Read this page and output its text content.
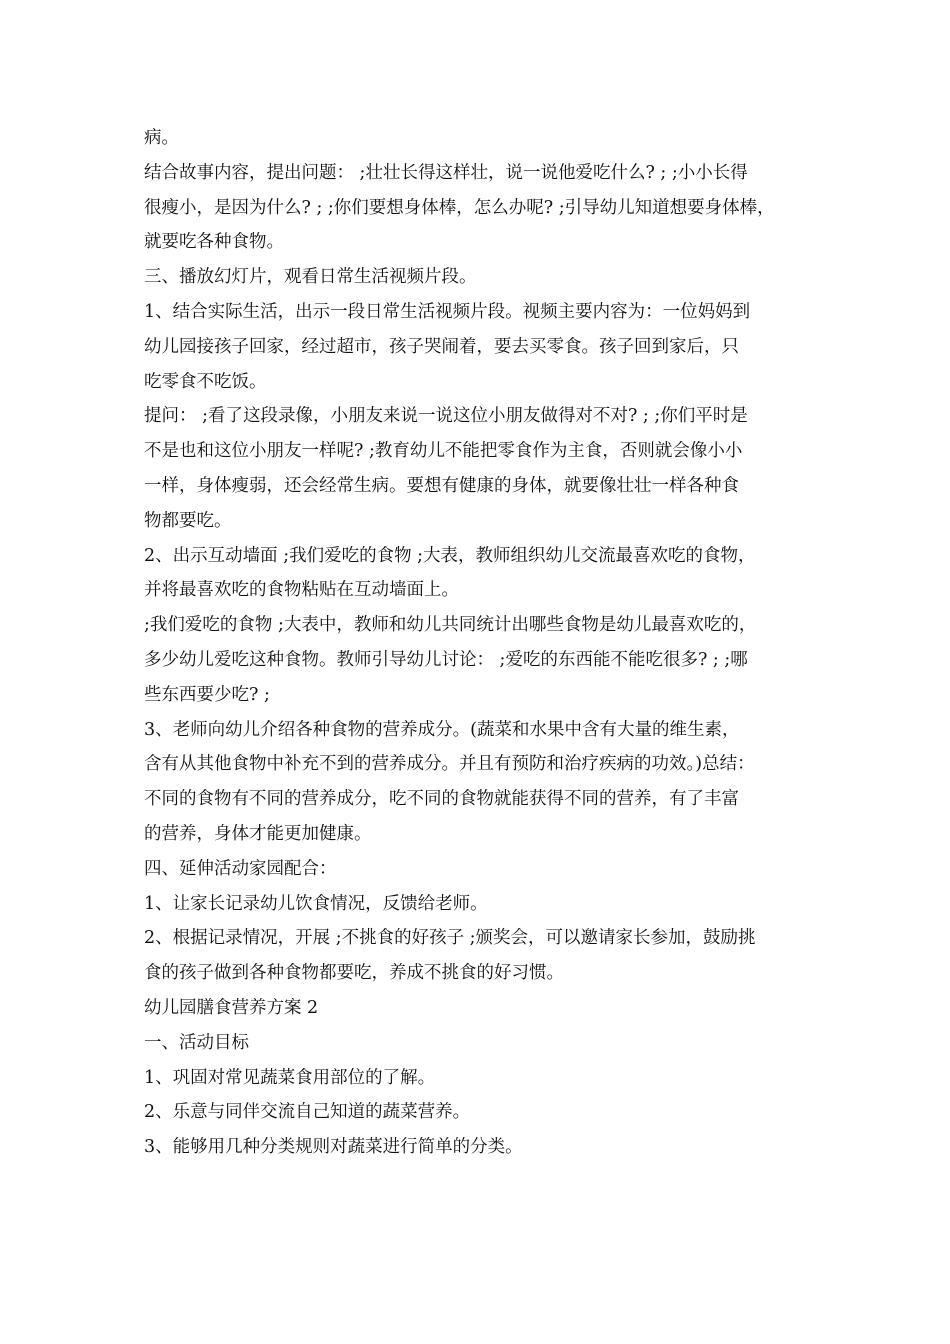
病。
结合故事内容，提出问题： ;壮壮长得这样壮，说一说他爱吃什么? ; ;小小长得
很瘦小，是因为什么? ; ;你们要想身体棒，怎么办呢? ;引导幼儿知道想要身体棒，
就要吃各种食物。
三、播放幻灯片，观看日常生活视频片段。
1、结合实际生活，出示一段日常生活视频片段。视频主要内容为：一位妈妈到
幼儿园接孩子回家，经过超市，孩子哭闹着，要去买零食。孩子回到家后，只
吃零食不吃饭。
提问： ;看了这段录像，小朋友来说一说这位小朋友做得对不对? ; ;你们平时是
不是也和这位小朋友一样呢? ;教育幼儿不能把零食作为主食，否则就会像小小
一样，身体瘦弱，还会经常生病。要想有健康的身体，就要像壮壮一样各种食
物都要吃。
2、出示互动墙面 ;我们爱吃的食物 ;大表，教师组织幼儿交流最喜欢吃的食物，
并将最喜欢吃的食物粘贴在互动墙面上。
;我们爱吃的食物 ;大表中，教师和幼儿共同统计出哪些食物是幼儿最喜欢吃的，
多少幼儿爱吃这种食物。教师引导幼儿讨论： ;爱吃的东西能不能吃很多? ; ;哪
些东西要少吃? ;
3、老师向幼儿介绍各种食物的营养成分。(蔬菜和水果中含有大量的维生素，
含有从其他食物中补充不到的营养成分。并且有预防和治疗疾病的功效。)总结：
不同的食物有不同的营养成分，吃不同的食物就能获得不同的营养，有了丰富
的营养，身体才能更加健康。
四、延伸活动家园配合：
1、让家长记录幼儿饮食情况，反馈给老师。
2、根据记录情况，开展 ;不挑食的好孩子 ;颁奖会，可以邀请家长参加，鼓励挑
食的孩子做到各种食物都要吃，养成不挑食的好习惯。
幼儿园膳食营养方案 2
一、活动目标
1、巩固对常见蔬菜食用部位的了解。
2、乐意与同伴交流自己知道的蔬菜营养。
3、能够用几种分类规则对蔬菜进行简单的分类。
